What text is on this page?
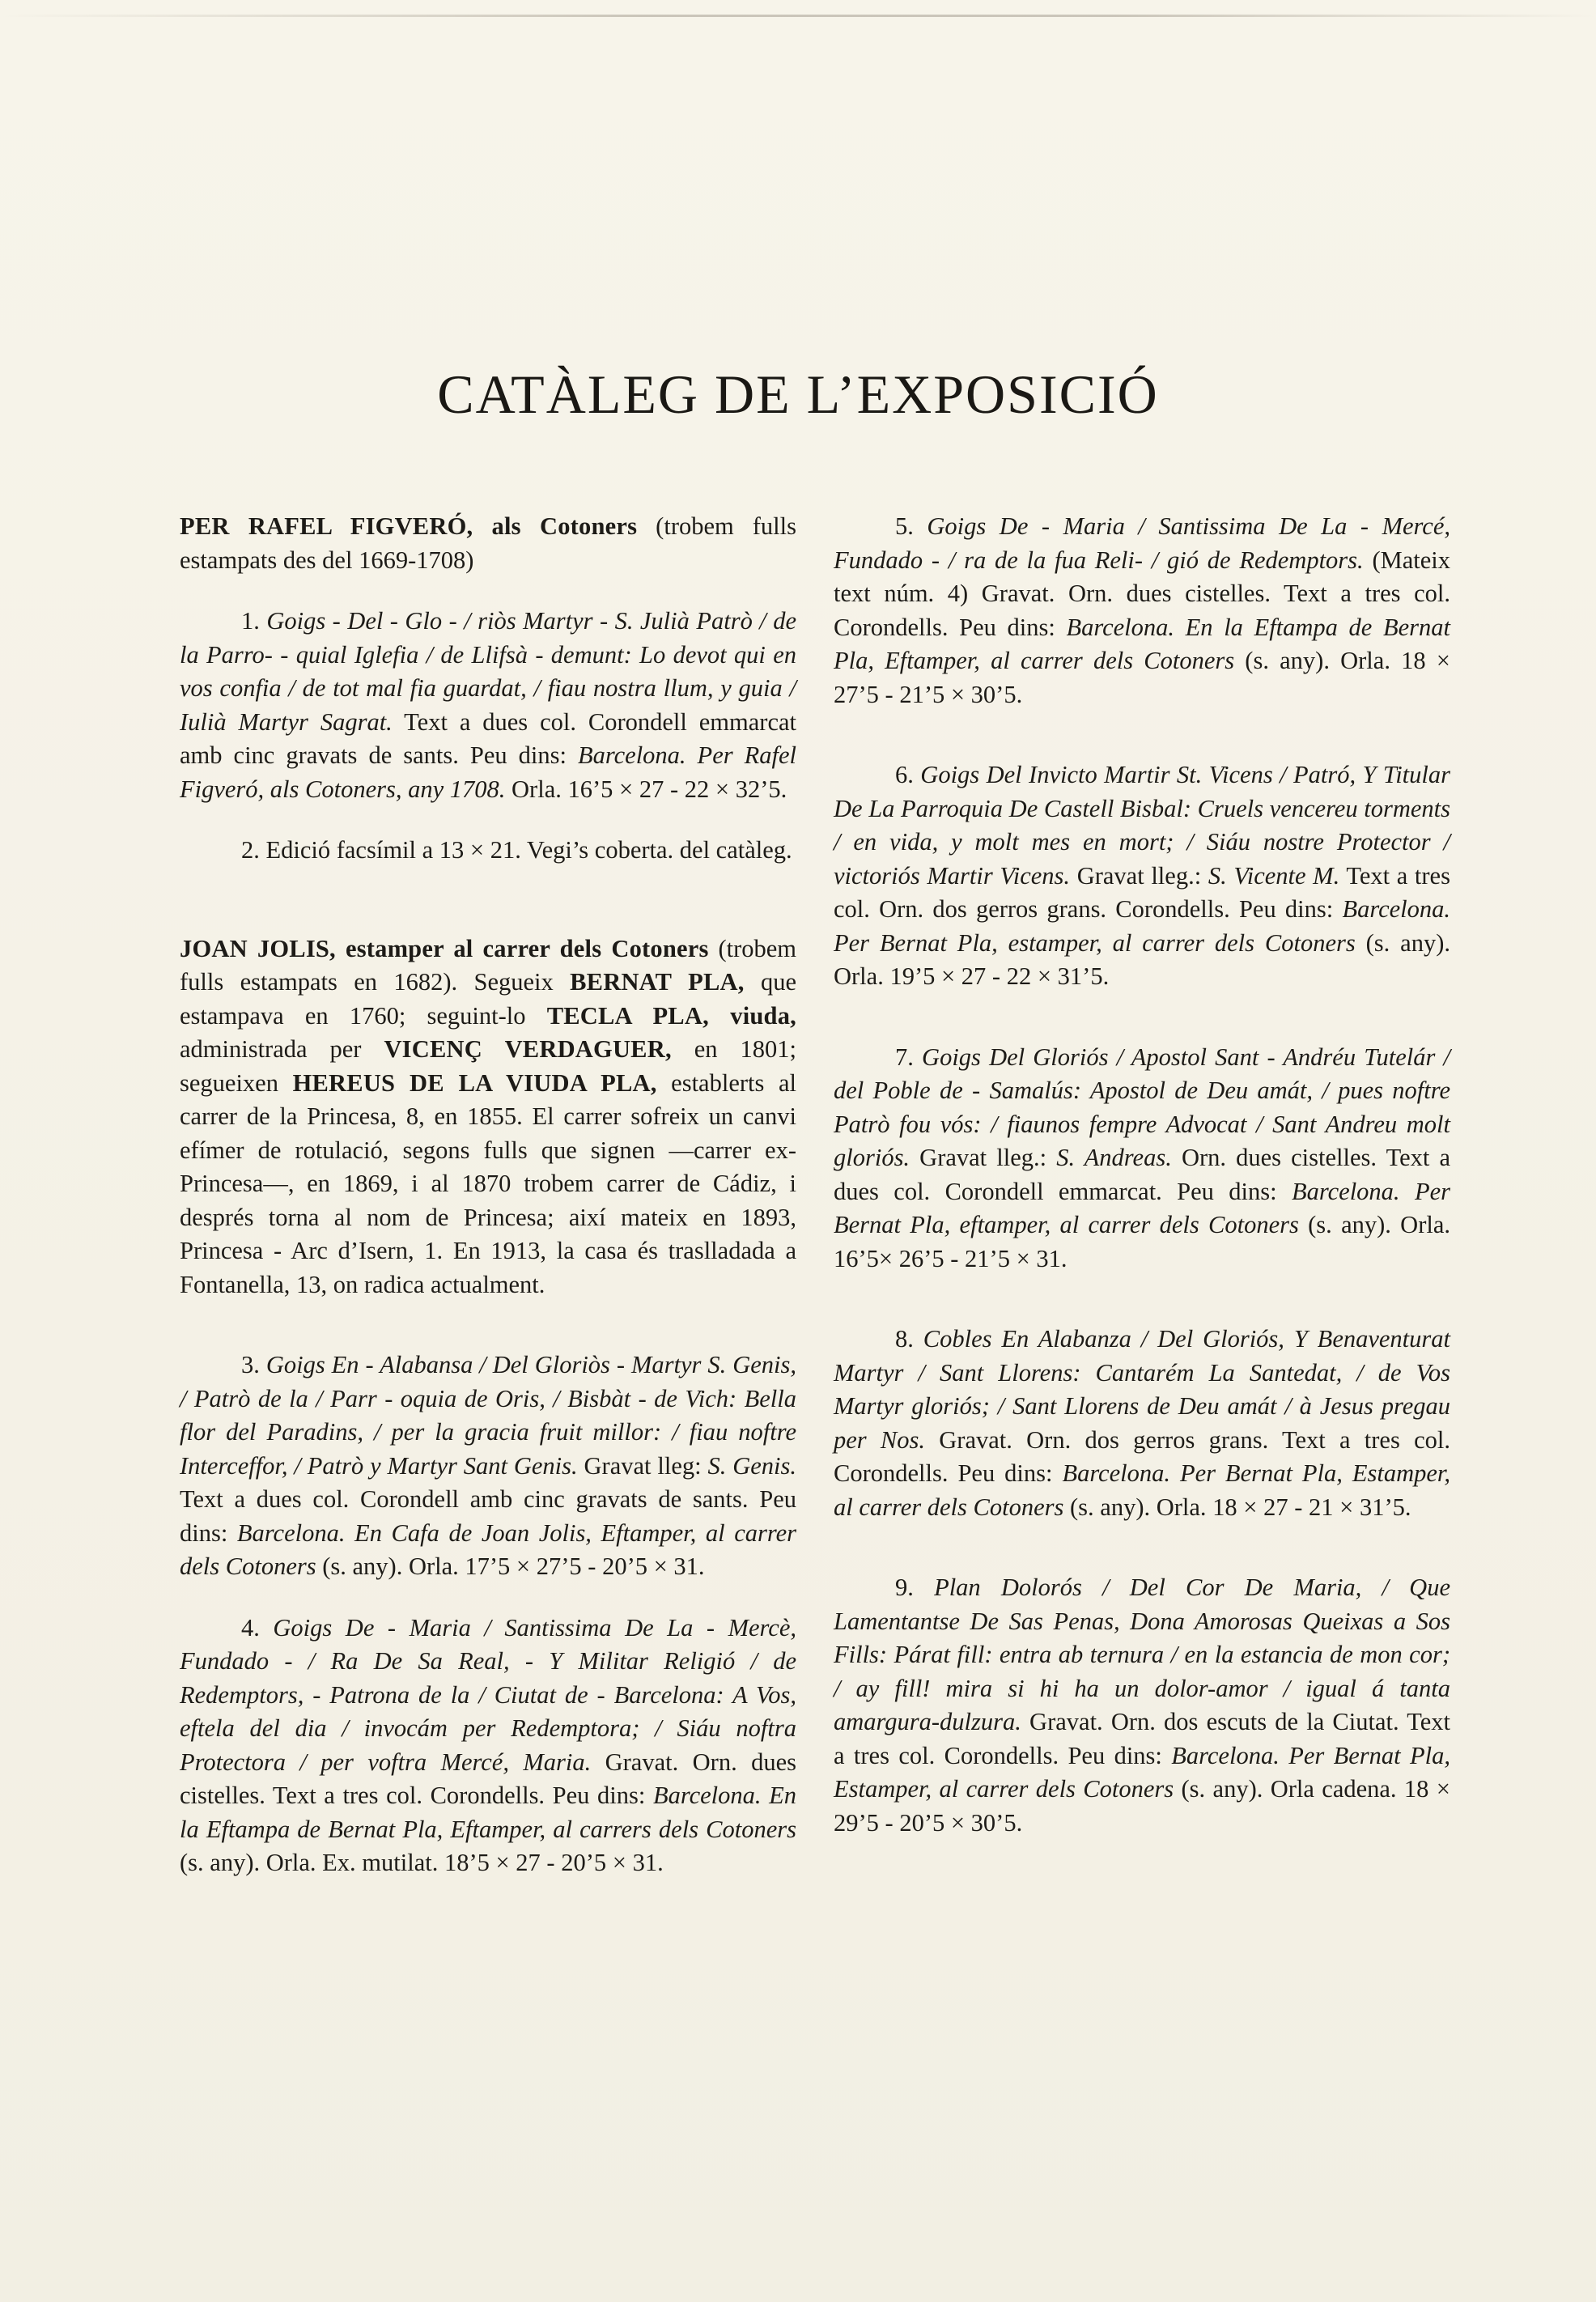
CATÀLEG DE L’EXPOSICIÓ

PER RAFEL FIGVERÓ, als Cotoners (trobem fulls estampats des del 1669-1708)

1. Goigs - Del - Glo - / riòs Martyr - S. Julià Patrò / de la Parro- - quial Iglefia / de Llifsà - demunt: Lo devot qui en vos confia / de tot mal fia guardat, / fiau nostra llum, y guia / Iulià Martyr Sagrat. Text a dues col. Corondell emmarcat amb cinc gravats de sants. Peu dins: Barcelona. Per Rafel Figveró, als Cotoners, any 1708. Orla. 16’5 × 27 - 22 × 32’5.

2. Edició facsímil a 13 × 21. Vegi’s coberta. del catàleg.

JOAN JOLIS, estamper al carrer dels Cotoners (trobem fulls estampats en 1682). Segueix BERNAT PLA, que estampava en 1760; seguint-lo TECLA PLA, viuda, administrada per VICENÇ VERDAGUER, en 1801; segueixen HEREUS DE LA VIUDA PLA, establerts al carrer de la Princesa, 8, en 1855. El carrer sofreix un canvi efímer de rotulació, segons fulls que signen —carrer ex-Princesa—, en 1869, i al 1870 trobem carrer de Cádiz, i després torna al nom de Princesa; així mateix en 1893, Princesa - Arc d’Isern, 1. En 1913, la casa és traslladada a Fontanella, 13, on radica actualment.

3. Goigs En - Alabansa / Del Gloriòs - Martyr S. Genis, / Patrò de la / Parr - oquia de Oris, / Bisbàt - de Vich: Bella flor del Paradins, / per la gracia fruit millor: / fiau noftre Interceffor, / Patrò y Martyr Sant Genis. Gravat lleg: S. Genis. Text a dues col. Corondell amb cinc gravats de sants. Peu dins: Barcelona. En Cafa de Joan Jolis, Eftamper, al carrer dels Cotoners (s. any). Orla. 17’5 × 27’5 - 20’5 × 31.

4. Goigs De - Maria / Santissima De La - Mercè, Fundado - / Ra De Sa Real, - Y Militar Religió / de Redemptors, - Patrona de la / Ciutat de - Barcelona: A Vos, eftela del dia / invocám per Redemptora; / Siáu noftra Protectora / per voftra Mercé, Maria. Gravat. Orn. dues cistelles. Text a tres col. Corondells. Peu dins: Barcelona. En la Eftampa de Bernat Pla, Eftamper, al carrers dels Cotoners (s. any). Orla. Ex. mutilat. 18’5 × 27 - 20’5 × 31.

5. Goigs De - Maria / Santissima De La - Mercé, Fundado - / ra de la fua Reli- / gió de Redemptors. (Mateix text núm. 4) Gravat. Orn. dues cistelles. Text a tres col. Corondells. Peu dins: Barcelona. En la Eftampa de Bernat Pla, Eftamper, al carrer dels Cotoners (s. any). Orla. 18 × 27’5 - 21’5 × 30’5.

6. Goigs Del Invicto Martir St. Vicens / Patró, Y Titular De La Parroquia De Castell Bisbal: Cruels vencereu torments / en vida, y molt mes en mort; / Siáu nostre Protector / victoriós Martir Vicens. Gravat lleg.: S. Vicente M. Text a tres col. Orn. dos gerros grans. Corondells. Peu dins: Barcelona. Per Bernat Pla, estamper, al carrer dels Cotoners (s. any). Orla. 19’5 × 27 - 22 × 31’5.

7. Goigs Del Gloriós / Apostol Sant - Andréu Tutelár / del Poble de - Samalús: Apostol de Deu amát, / pues noftre Patrò fou vós: / fiaunos fempre Advocat / Sant Andreu molt gloriós. Gravat lleg.: S. Andreas. Orn. dues cistelles. Text a dues col. Corondell emmarcat. Peu dins: Barcelona. Per Bernat Pla, eftamper, al carrer dels Cotoners (s. any). Orla. 16’5× 26’5 - 21’5 × 31.

8. Cobles En Alabanza / Del Gloriós, Y Benaventurat Martyr / Sant Llorens: Cantarém La Santedat, / de Vos Martyr gloriós; / Sant Llorens de Deu amát / à Jesus pregau per Nos. Gravat. Orn. dos gerros grans. Text a tres col. Corondells. Peu dins: Barcelona. Per Bernat Pla, Estamper, al carrer dels Cotoners (s. any). Orla. 18 × 27 - 21 × 31’5.

9. Plan Dolorós / Del Cor De Maria, / Que Lamentantse De Sas Penas, Dona Amorosas Queixas a Sos Fills: Párat fill: entra ab ternura / en la estancia de mon cor; / ay fill! mira si hi ha un dolor-amor / igual á tanta amargura-dulzura. Gravat. Orn. dos escuts de la Ciutat. Text a tres col. Corondells. Peu dins: Barcelona. Per Bernat Pla, Estamper, al carrer dels Cotoners (s. any). Orla cadena. 18 × 29’5 - 20’5 × 30’5.
